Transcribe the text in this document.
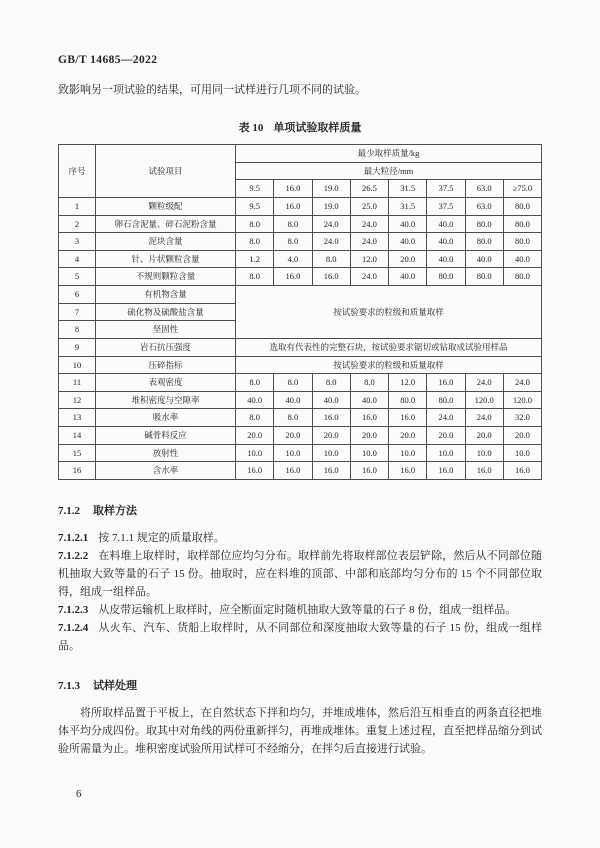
GB/T 14685—2022

致影响另一项试验的结果，可用同一试样进行几项不同的试验。

表 10 单项试验取样质量
序号	试验项目	最少取样质量/kg							
		最大粒径/mm							
		9.5	16.0	19.0	26.5	31.5	37.5	63.0	≥75.0
1	颗粒级配	9.5	16.0	19.0	25.0	31.5	37.5	63.0	80.0
2	卵石含泥量、碎石泥粉含量	8.0	8.0	24.0	24.0	40.0	40.0	80.0	80.0
3	泥块含量	8.0	8.0	24.0	24.0	40.0	40.0	80.0	80.0
4	针、片状颗粒含量	1.2	4.0	8.0	12.0	20.0	40.0	40.0	40.0
5	不规则颗粒含量	8.0	16.0	16.0	24.0	40.0	80.0	80.0	80.0
6	有机物含量	按试验要求的粒级和质量取样							
7	硫化物及硫酸盐含量								
8	坚固性								
9	岩石抗压强度	选取有代表性的完整石块，按试验要求锯切或钻取成试验用样品							
10	压碎指标	按试验要求的粒级和质量取样							
11	表观密度	8.0	8.0	8.0	8.0	12.0	16.0	24.0	24.0
12	堆积密度与空隙率	40.0	40.0	40.0	40.0	80.0	80.0	120.0	120.0
13	吸水率	8.0	8.0	16.0	16.0	16.0	24.0	24.0	32.0
14	碱骨料反应	20.0	20.0	20.0	20.0	20.0	20.0	20.0	20.0
15	放射性	10.0	10.0	10.0	10.0	10.0	10.0	10.0	10.0
16	含水率	16.0	16.0	16.0	16.0	16.0	16.0	16.0	16.0
7.1.2 取样方法

7.1.2.1 按 7.1.1 规定的质量取样。

7.1.2.2 在料堆上取样时，取样部位应均匀分布。取样前先将取样部位表层铲除，然后从不同部位随机抽取大致等量的石子 15 份。抽取时，应在料堆的顶部、中部和底部均匀分布的 15 个不同部位取得，组成一组样品。

7.1.2.3 从皮带运输机上取样时，应全断面定时随机抽取大致等量的石子 8 份，组成一组样品。

7.1.2.4 从火车、汽车、货船上取样时，从不同部位和深度抽取大致等量的石子 15 份，组成一组样品。

7.1.3 试样处理

将所取样品置于平板上，在自然状态下拌和均匀，并堆成堆体，然后沿互相垂直的两条直径把堆体平均分成四份。取其中对角线的两份重新拌匀，再堆成堆体。重复上述过程，直至把样品缩分到试验所需量为止。堆积密度试验所用试样可不经缩分，在拌匀后直接进行试验。

6
